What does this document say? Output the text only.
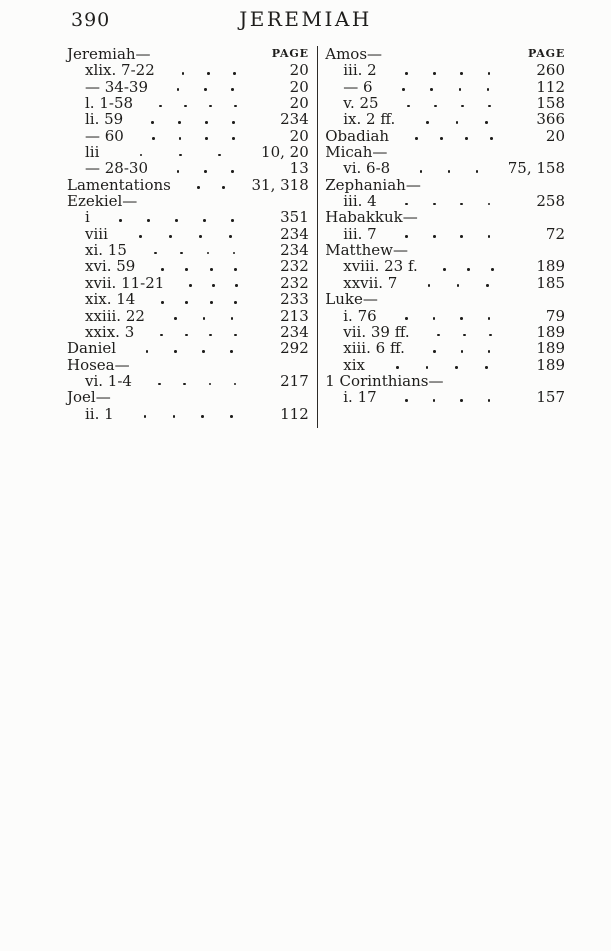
390	JEREMIAH
Jeremiah—	PAGE
xlix. 7-22	20
— 34-39	20
l. 1-58	20
li. 59	234
— 60	20
lii	10, 20
— 28-30	13
Lamentations	31, 318
Ezekiel—
i	351
viii	234
xi. 15	234
xvi. 59	232
xvii. 11-21	232
xix. 14	233
xxiii. 22	213
xxix. 3	234
Daniel	292
Hosea—
vi. 1-4	217
Joel—
ii. 1	112
Amos—	PAGE
iii. 2	260
— 6	112
v. 25	158
ix. 2 ff.	366
Obadiah	20
Micah—
vi. 6-8	75, 158
Zephaniah—
iii. 4	258
Habakkuk—
iii. 7	72
Matthew—
xviii. 23 f.	189
xxvii. 7	185
Luke—
i. 76	79
vii. 39 ff.	189
xiii. 6 ff.	189
xix	189
1 Corinthians—
i. 17	157
